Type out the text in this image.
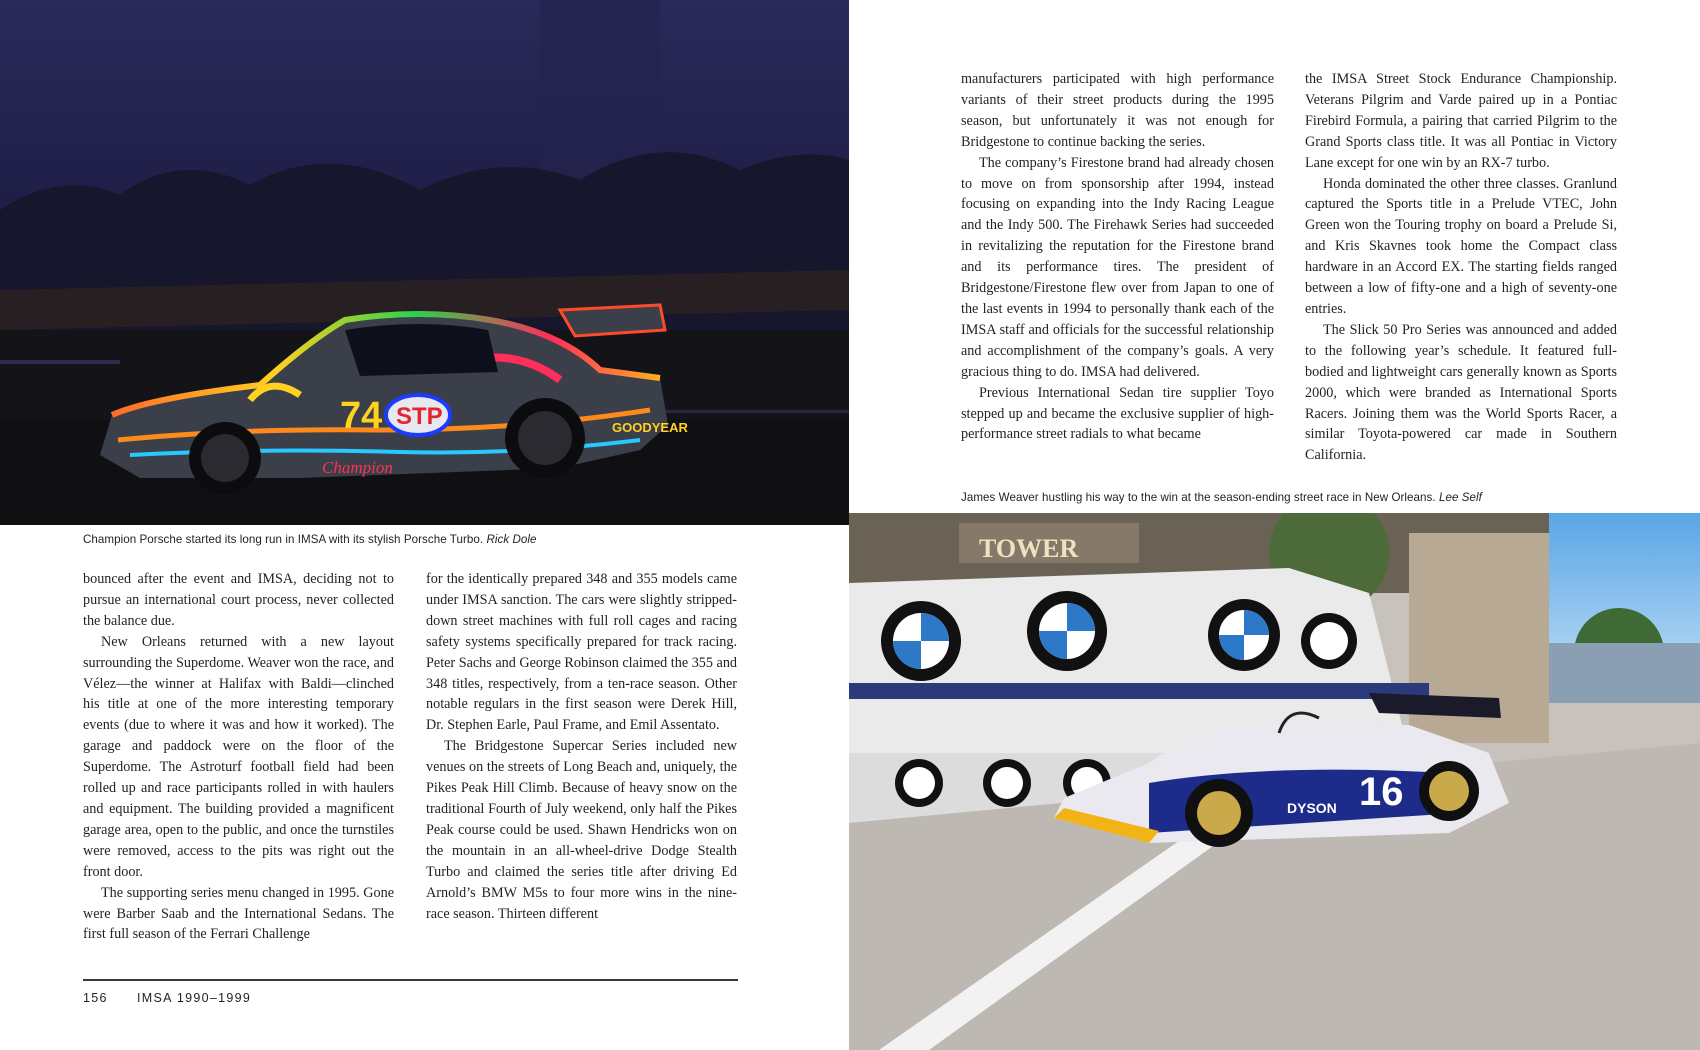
74 STP
Champion
GOODYEAR
Champion Porsche started its long run in IMSA with its stylish Porsche Turbo. Rick Dole	TOWER
16
DYSON
James Weaver hustling his way to the win at the season-ending street race in New Orleans. Lee Self

bounced after the event and IMSA, deciding not to pursue an international court process, never collected the balance due.

New Orleans returned with a new layout surrounding the Superdome. Weaver won the race, and Vélez—the winner at Halifax with Baldi—clinched his title at one of the more interesting temporary events (due to where it was and how it worked). The garage and paddock were on the floor of the Superdome. The Astroturf football field had been rolled up and race participants rolled in with haulers and equipment. The building provided a magnificent garage area, open to the public, and once the turnstiles were removed, access to the pits was right out the front door.

The supporting series menu changed in 1995. Gone were Barber Saab and the International Sedans. The first full season of the Ferrari Challenge

for the identically prepared 348 and 355 models came under IMSA sanction. The cars were slightly stripped-down street machines with full roll cages and racing safety systems specifically prepared for track racing. Peter Sachs and George Robinson claimed the 355 and 348 titles, respectively, from a ten-race season. Other notable regulars in the first season were Derek Hill, Dr. Stephen Earle, Paul Frame, and Emil Assentato.

The Bridgestone Supercar Series included new venues on the streets of Long Beach and, uniquely, the Pikes Peak Hill Climb. Because of heavy snow on the traditional Fourth of July weekend, only half the Pikes Peak course could be used. Shawn Hendricks won on the mountain in an all-wheel-drive Dodge Stealth Turbo and claimed the series title after driving Ed Arnold’s BMW M5s to four more wins in the nine-race season. Thirteen different

manufacturers participated with high performance variants of their street products during the 1995 season, but unfortunately it was not enough for Bridgestone to continue backing the series.

The company’s Firestone brand had already chosen to move on from sponsorship after 1994, instead focusing on expanding into the Indy Racing League and the Indy 500. The Firehawk Series had succeeded in revitalizing the reputation for the Firestone brand and its performance tires. The president of Bridgestone/Firestone flew over from Japan to one of the last events in 1994 to personally thank each of the IMSA staff and officials for the successful relationship and accomplishment of the company’s goals. A very gracious thing to do. IMSA had delivered.

Previous International Sedan tire supplier Toyo stepped up and became the exclusive supplier of high-performance street radials to what became

the IMSA Street Stock Endurance Championship. Veterans Pilgrim and Varde paired up in a Pontiac Firebird Formula, a pairing that carried Pilgrim to the Grand Sports class title. It was all Pontiac in Victory Lane except for one win by an RX-7 turbo.

Honda dominated the other three classes. Granlund captured the Sports title in a Prelude VTEC, John Green won the Touring trophy on board a Prelude Si, and Kris Skavnes took home the Compact class hardware in an Accord EX. The starting fields ranged between a low of fifty-one and a high of seventy-one entries.

The Slick 50 Pro Series was announced and added to the following year’s schedule. It featured full-bodied and lightweight cars generally known as Sports 2000, which were branded as International Sports Racers. Joining them was the World Sports Racer, a similar Toyota-powered car made in Southern California.

156 IMSA 1990–1999
